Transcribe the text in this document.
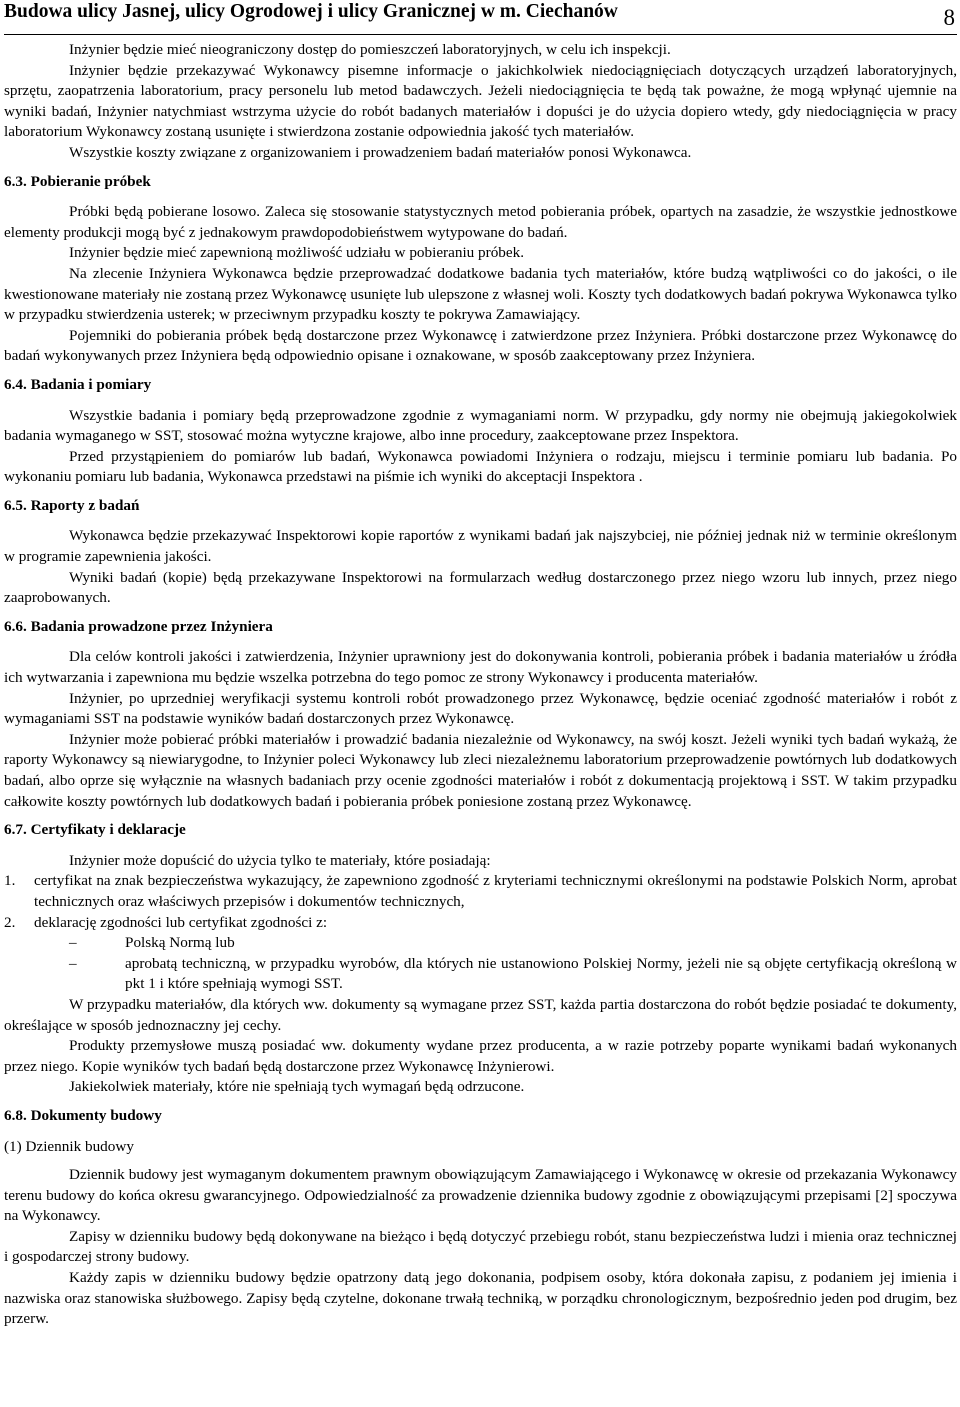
Budowa ulicy Jasnej, ulicy Ogrodowej i ulicy Granicznej w m. Ciechanów	8

Inżynier będzie mieć nieograniczony dostęp do pomieszczeń laboratoryjnych, w celu ich inspekcji.

Inżynier będzie przekazywać Wykonawcy pisemne informacje o jakichkolwiek niedociągnięciach dotyczących urządzeń laboratoryjnych, sprzętu, zaopatrzenia laboratorium, pracy personelu lub metod badawczych. Jeżeli niedociągnięcia te będą tak poważne, że mogą wpłynąć ujemnie na wyniki badań, Inżynier natychmiast wstrzyma użycie do robót badanych materiałów i dopuści je do użycia dopiero wtedy, gdy niedociągnięcia w pracy laboratorium Wykonawcy zostaną usunięte i stwierdzona zostanie odpowiednia jakość tych materiałów.

Wszystkie koszty związane z organizowaniem i prowadzeniem badań materiałów ponosi Wykonawca.

6.3. Pobieranie próbek

Próbki będą pobierane losowo. Zaleca się stosowanie statystycznych metod pobierania próbek, opartych na zasadzie, że wszystkie jednostkowe elementy produkcji mogą być z jednakowym prawdopodobieństwem wytypowane do badań.

Inżynier będzie mieć zapewnioną możliwość udziału w pobieraniu próbek.

Na zlecenie Inżyniera Wykonawca będzie przeprowadzać dodatkowe badania tych materiałów, które budzą wątpliwości co do jakości, o ile kwestionowane materiały nie zostaną przez Wykonawcę usunięte lub ulepszone z własnej woli. Koszty tych dodatkowych badań pokrywa Wykonawca tylko w przypadku stwierdzenia usterek; w przeciwnym przypadku koszty te pokrywa Zamawiający.

Pojemniki do pobierania próbek będą dostarczone przez Wykonawcę i zatwierdzone przez Inżyniera. Próbki dostarczone przez Wykonawcę do badań wykonywanych przez Inżyniera będą odpowiednio opisane i oznakowane, w sposób zaakceptowany przez Inżyniera.

6.4. Badania i pomiary

Wszystkie badania i pomiary będą przeprowadzone zgodnie z wymaganiami norm. W przypadku, gdy normy nie obejmują jakiegokolwiek badania wymaganego w SST, stosować można wytyczne krajowe, albo inne procedury, zaakceptowane przez Inspektora.

Przed przystąpieniem do pomiarów lub badań, Wykonawca powiadomi Inżyniera o rodzaju, miejscu i terminie pomiaru lub badania. Po wykonaniu pomiaru lub badania, Wykonawca przedstawi na piśmie ich wyniki do akceptacji Inspektora .

6.5. Raporty z badań

Wykonawca będzie przekazywać Inspektorowi kopie raportów z wynikami badań jak najszybciej, nie później jednak niż w terminie określonym w programie zapewnienia jakości.

Wyniki badań (kopie) będą przekazywane Inspektorowi na formularzach według dostarczonego przez niego wzoru lub innych, przez niego zaaprobowanych.

6.6. Badania prowadzone przez Inżyniera

Dla celów kontroli jakości i zatwierdzenia, Inżynier uprawniony jest do dokonywania kontroli, pobierania próbek i badania materiałów u źródła ich wytwarzania i zapewniona mu będzie wszelka potrzebna do tego pomoc ze strony Wykonawcy i producenta materiałów.

Inżynier, po uprzedniej weryfikacji systemu kontroli robót prowadzonego przez Wykonawcę, będzie oceniać zgodność materiałów i robót z wymaganiami SST na podstawie wyników badań dostarczonych przez Wykonawcę.

Inżynier może pobierać próbki materiałów i prowadzić badania niezależnie od Wykonawcy, na swój koszt. Jeżeli wyniki tych badań wykażą, że raporty Wykonawcy są niewiarygodne, to Inżynier poleci Wykonawcy lub zleci niezależnemu laboratorium przeprowadzenie powtórnych lub dodatkowych badań, albo oprze się wyłącznie na własnych badaniach przy ocenie zgodności materiałów i robót z dokumentacją projektową i SST. W takim przypadku całkowite koszty powtórnych lub dodatkowych badań i pobierania próbek poniesione zostaną przez Wykonawcę.

6.7. Certyfikaty i deklaracje

Inżynier może dopuścić do użycia tylko te materiały, które posiadają:

1.	certyfikat na znak bezpieczeństwa wykazujący, że zapewniono zgodność z kryteriami technicznymi określonymi na podstawie Polskich Norm, aprobat technicznych oraz właściwych przepisów i dokumentów technicznych,
2.	deklarację zgodności lub certyfikat zgodności z:
–	Polską Normą lub
–	aprobatą techniczną, w przypadku wyrobów, dla których nie ustanowiono Polskiej Normy, jeżeli nie są objęte certyfikacją określoną w pkt 1 i które spełniają wymogi SST.

W przypadku materiałów, dla których ww. dokumenty są wymagane przez SST, każda partia dostarczona do robót będzie posiadać te dokumenty, określające w sposób jednoznaczny jej cechy.

Produkty przemysłowe muszą posiadać ww. dokumenty wydane przez producenta, a w razie potrzeby poparte wynikami badań wykonanych przez niego. Kopie wyników tych badań będą dostarczone przez Wykonawcę Inżynierowi.

Jakiekolwiek materiały, które nie spełniają tych wymagań będą odrzucone.

6.8. Dokumenty budowy

(1) Dziennik budowy

Dziennik budowy jest wymaganym dokumentem prawnym obowiązującym Zamawiającego i Wykonawcę w okresie od przekazania Wykonawcy terenu budowy do końca okresu gwarancyjnego. Odpowiedzialność za prowadzenie dziennika budowy zgodnie z obowiązującymi przepisami [2] spoczywa na Wykonawcy.

Zapisy w dzienniku budowy będą dokonywane na bieżąco i będą dotyczyć przebiegu robót, stanu bezpieczeństwa ludzi i mienia oraz technicznej i gospodarczej strony budowy.

Każdy zapis w dzienniku budowy będzie opatrzony datą jego dokonania, podpisem osoby, która dokonała zapisu, z podaniem jej imienia i nazwiska oraz stanowiska służbowego. Zapisy będą czytelne, dokonane trwałą techniką, w porządku chronologicznym, bezpośrednio jeden pod drugim, bez przerw.
